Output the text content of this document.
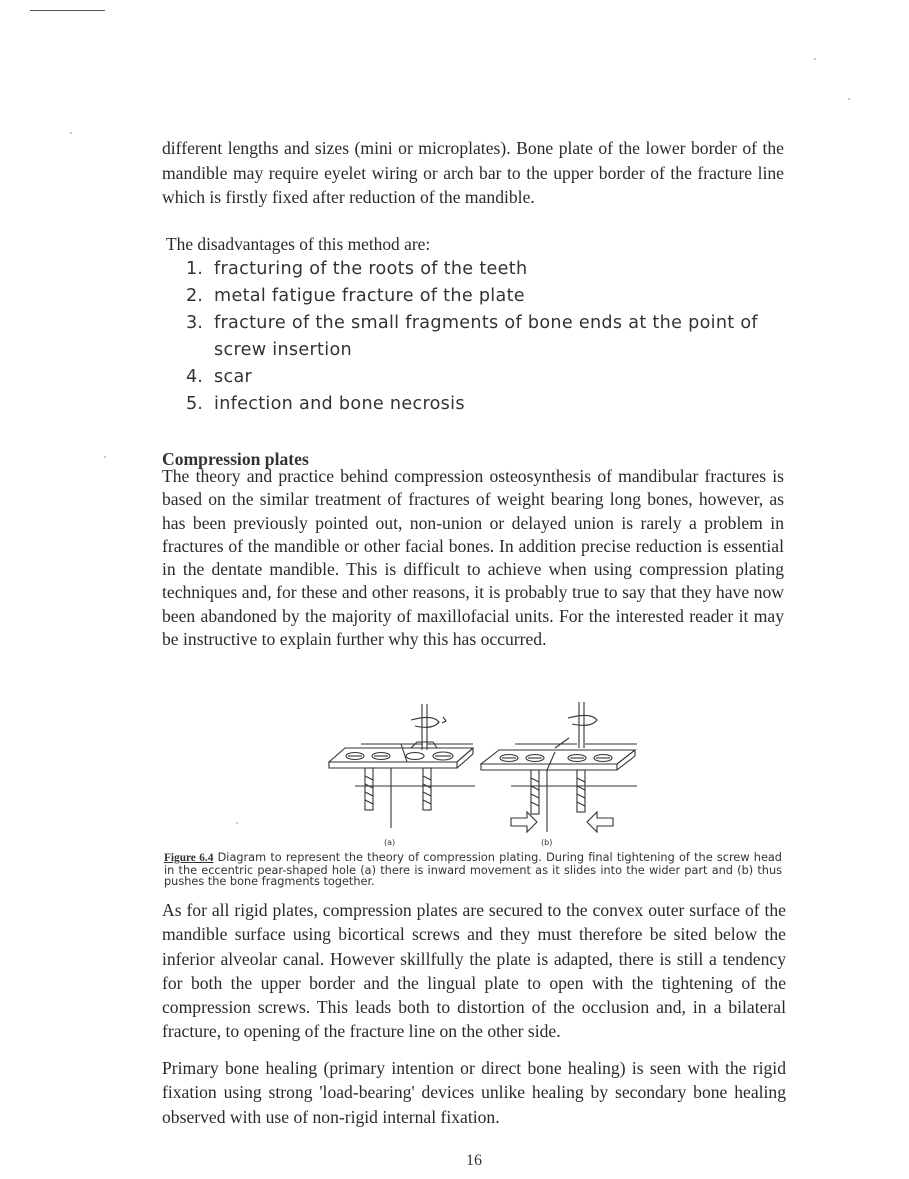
different lengths and sizes (mini or microplates). Bone plate of the lower border of the mandible may require eyelet wiring or arch bar to the upper border of the fracture line which is firstly fixed after reduction of the mandible.

The disadvantages of this method are:

1. fracturing of the roots of the teeth
2. metal fatigue fracture of the plate
3. fracture of the small fragments of bone ends at the point of screw insertion
4. scar
5. infection and bone necrosis
Compression plates

The theory and practice behind compression osteosynthesis of mandibular fractures is based on the similar treatment of fractures of weight bearing long bones, however, as has been previously pointed out, non-union or delayed union is rarely a problem in fractures of the mandible or other facial bones. In addition precise reduction is essential in the dentate mandible. This is difficult to achieve when using compression plating techniques and, for these and other reasons, it is probably true to say that they have now been abandoned by the majority of maxillofacial units. For the interested reader it may be instructive to explain further why this has occurred.

(a)	(b)

Figure 6.4 Diagram to represent the theory of compression plating. During final tightening of the screw head in the eccentric pear-shaped hole (a) there is inward movement as it slides into the wider part and (b) thus pushes the bone fragments together.

As for all rigid plates, compression plates are secured to the convex outer surface of the mandible surface using bicortical screws and they must therefore be sited below the inferior alveolar canal. However skillfully the plate is adapted, there is still a tendency for both the upper border and the lingual plate to open with the tightening of the compression screws. This leads both to distortion of the occlusion and, in a bilateral fracture, to opening of the fracture line on the other side.

Primary bone healing (primary intention or direct bone healing) is seen with the rigid fixation using strong 'load-bearing' devices unlike healing by secondary bone healing observed with use of non-rigid internal fixation.

16
